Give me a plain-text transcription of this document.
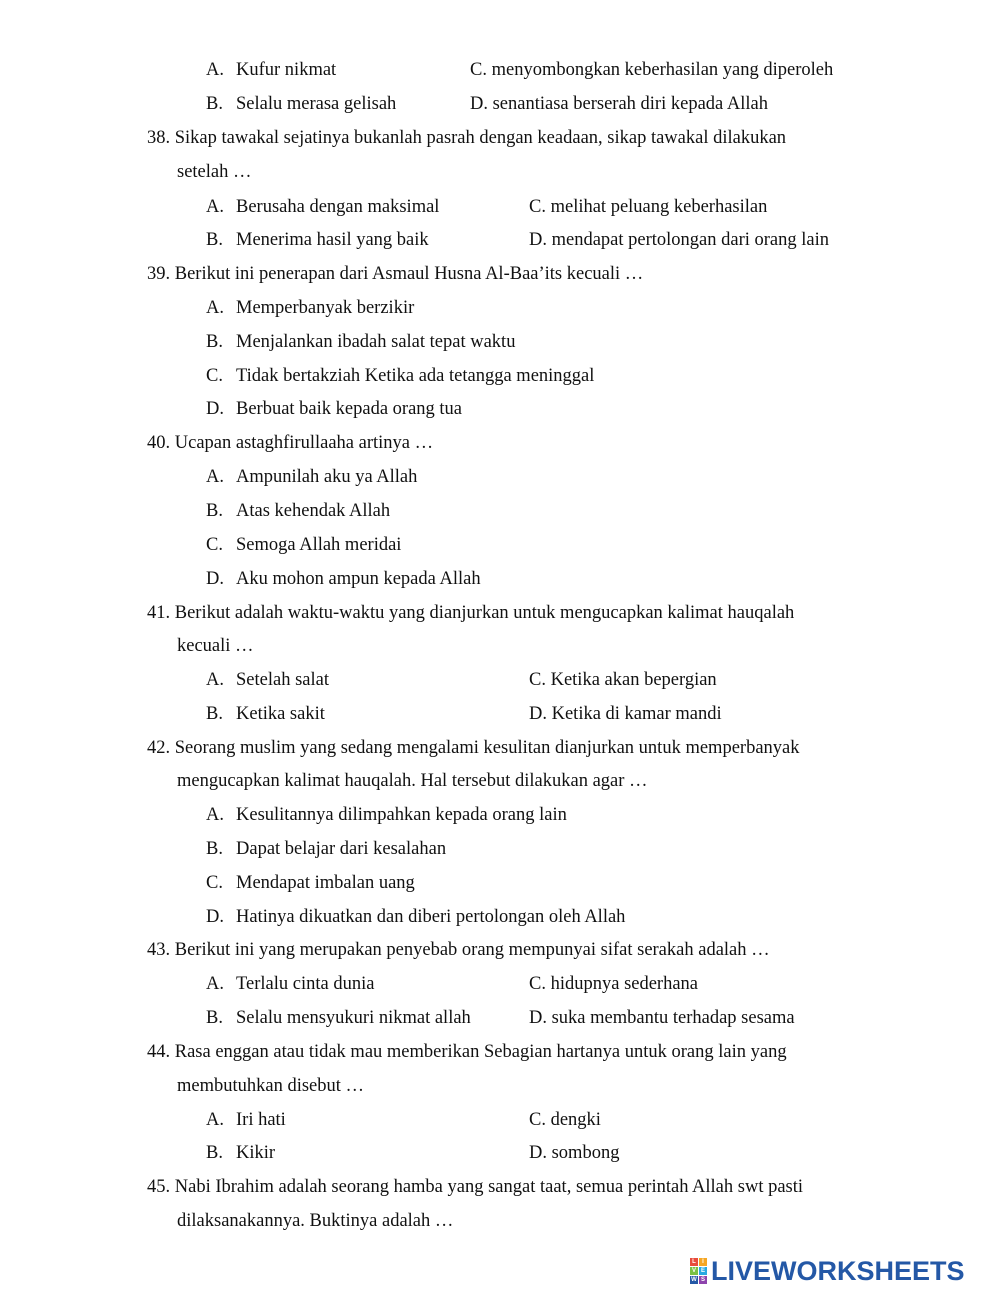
A. Kufur nikmat	C. menyombongkan keberhasilan yang diperoleh
B. Selalu merasa gelisah	D. senantiasa berserah diri kepada Allah
38. Sikap tawakal sejatinya bukanlah pasrah dengan keadaan, sikap tawakal dilakukan
setelah …
A. Berusaha dengan maksimal	C. melihat peluang keberhasilan
B. Menerima hasil yang baik	D. mendapat pertolongan dari orang lain
39. Berikut ini penerapan dari Asmaul Husna Al-Baa’its kecuali …
A. Memperbanyak berzikir
B. Menjalankan ibadah salat tepat waktu
C. Tidak bertakziah Ketika ada tetangga meninggal
D. Berbuat baik kepada orang tua
40. Ucapan astaghfirullaaha artinya …
A. Ampunilah aku ya Allah
B. Atas kehendak Allah
C. Semoga Allah meridai
D. Aku mohon ampun kepada Allah
41. Berikut adalah waktu-waktu yang dianjurkan untuk mengucapkan kalimat hauqalah
kecuali …
A. Setelah salat	C. Ketika akan bepergian
B. Ketika sakit	D. Ketika di kamar mandi
42. Seorang muslim yang sedang mengalami kesulitan dianjurkan untuk memperbanyak
mengucapkan kalimat hauqalah. Hal tersebut dilakukan agar …
A. Kesulitannya dilimpahkan kepada orang lain
B. Dapat belajar dari kesalahan
C. Mendapat imbalan uang
D. Hatinya dikuatkan dan diberi pertolongan oleh Allah
43. Berikut ini yang merupakan penyebab orang mempunyai sifat serakah adalah …
A. Terlalu cinta dunia	C. hidupnya sederhana
B. Selalu mensyukuri nikmat allah	D. suka membantu terhadap sesama
44. Rasa enggan atau tidak mau memberikan Sebagian hartanya untuk orang lain yang
membutuhkan disebut …
A. Iri hati	C. dengki
B. Kikir	D. sombong
45. Nabi Ibrahim adalah seorang hamba yang sangat taat, semua perintah Allah swt pasti
dilaksanakannya. Buktinya adalah …
L	I
V E
W S LIVEWORKSHEETS
